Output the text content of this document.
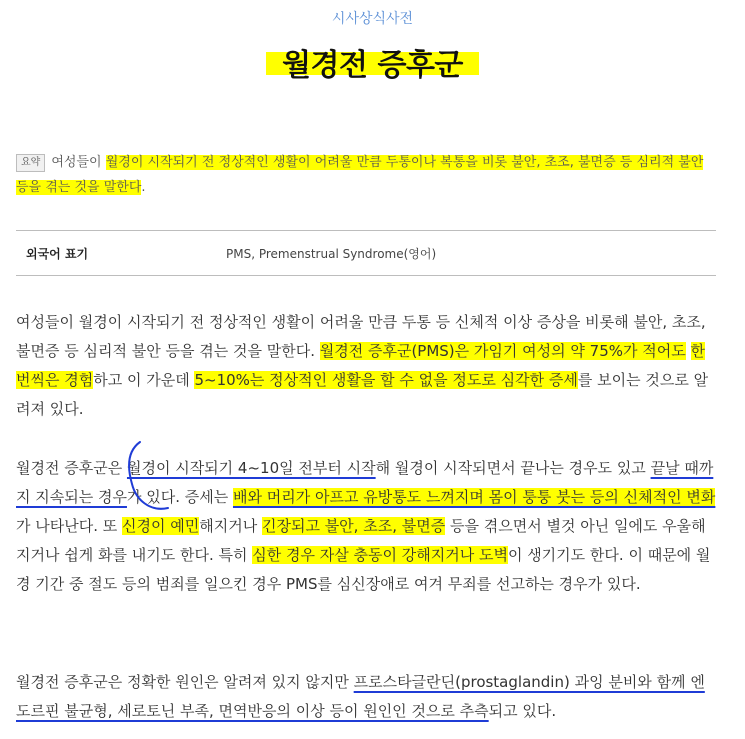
시사상식사전
월경전 증후군
요약 여성들이 월경이 시작되기 전 정상적인 생활이 어려울 만큼 두통이나 복통을 비롯 불안, 초조, 불면증 등 심리적 불안 등을 겪는 것을 말한다.
외국어 표기	PMS, Premenstrual Syndrome(영어)
여성들이 월경이 시작되기 전 정상적인 생활이 어려울 만큼 두통 등 신체적 이상 증상을 비롯해 불안, 초조, 불면증 등 심리적 불안 등을 겪는 것을 말한다. 월경전 증후군(PMS)은 가임기 여성의 약 75%가 적어도 한 번씩은 경험하고 이 가운데 5~10%는 정상적인 생활을 할 수 없을 정도로 심각한 증세를 보이는 것으로 알려져 있다.
월경전 증후군은 월경이 시작되기 4~10일 전부터 시작해 월경이 시작되면서 끝나는 경우도 있고 끝날 때까지 지속되는 경우가 있다. 증세는 배와 머리가 아프고 유방통도 느껴지며 몸이 퉁퉁 붓는 등의 신체적인 변화가 나타난다. 또 신경이 예민해지거나 긴장되고 불안, 초조, 불면증 등을 겪으면서 별것 아닌 일에도 우울해지거나 쉽게 화를 내기도 한다. 특히 심한 경우 자살 충동이 강해지거나 도벽이 생기기도 한다. 이 때문에 월경 기간 중 절도 등의 범죄를 일으킨 경우 PMS를 심신장애로 여겨 무죄를 선고하는 경우가 있다.
월경전 증후군은 정확한 원인은 알려져 있지 않지만 프로스타글란딘(prostaglandin) 과잉 분비와 함께 엔도르핀 불균형, 세로토닌 부족, 면역반응의 이상 등이 원인인 것으로 추측되고 있다.
